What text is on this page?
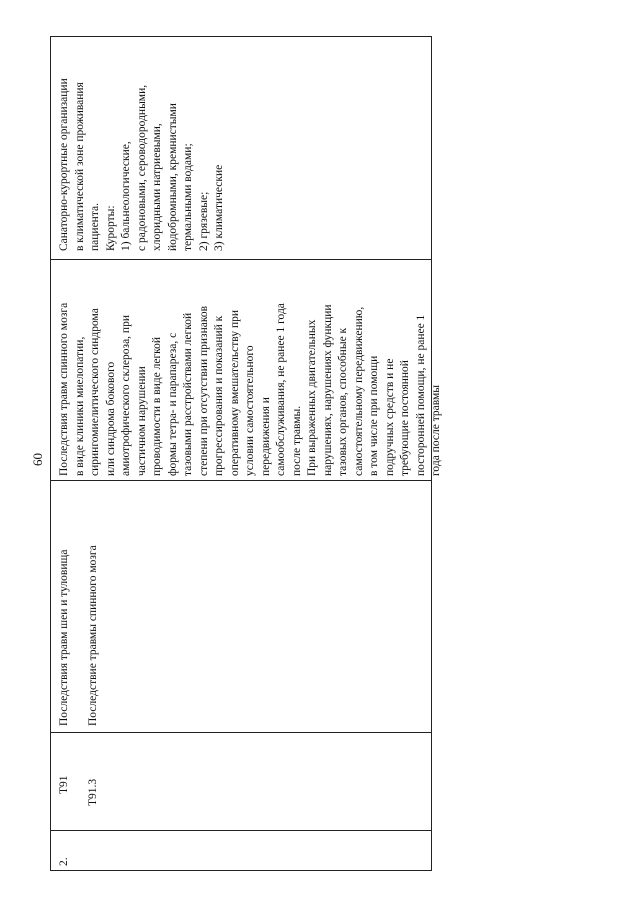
60
2.
T91 T91.3
Последствия травм шеи и туловища Последствие травмы спинного мозга
Последствия травм спинного мозга в виде клиники миелопатии, сирингомиелитического синдрома или синдрома бокового амиотрофического склероза, при частичном нарушении проводимости в виде легкой формы тетра- и парапареза, с тазовыми расстройствами легкой степени при отсутствии признаков прогрессирования и показаний к оперативному вмешательству при условии самостоятельного передвижения и самообслуживания, не ранее 1 года после травмы. При выраженных двигательных нарушениях, нарушениях функции тазовых органов, способные к самостоятельному передвижению, в том числе при помощи подручных средств и не требующие постоянной посторонней помощи, не ранее 1 года после травмы
Санаторно-курортные организации в климатической зоне проживания пациента. Курорты: 1) бальнеологические, с радоновыми, сероводородными, хлоридными натриевыми, йодобромными, кремнистыми термальными водами; 2) грязевые; 3) климатические
